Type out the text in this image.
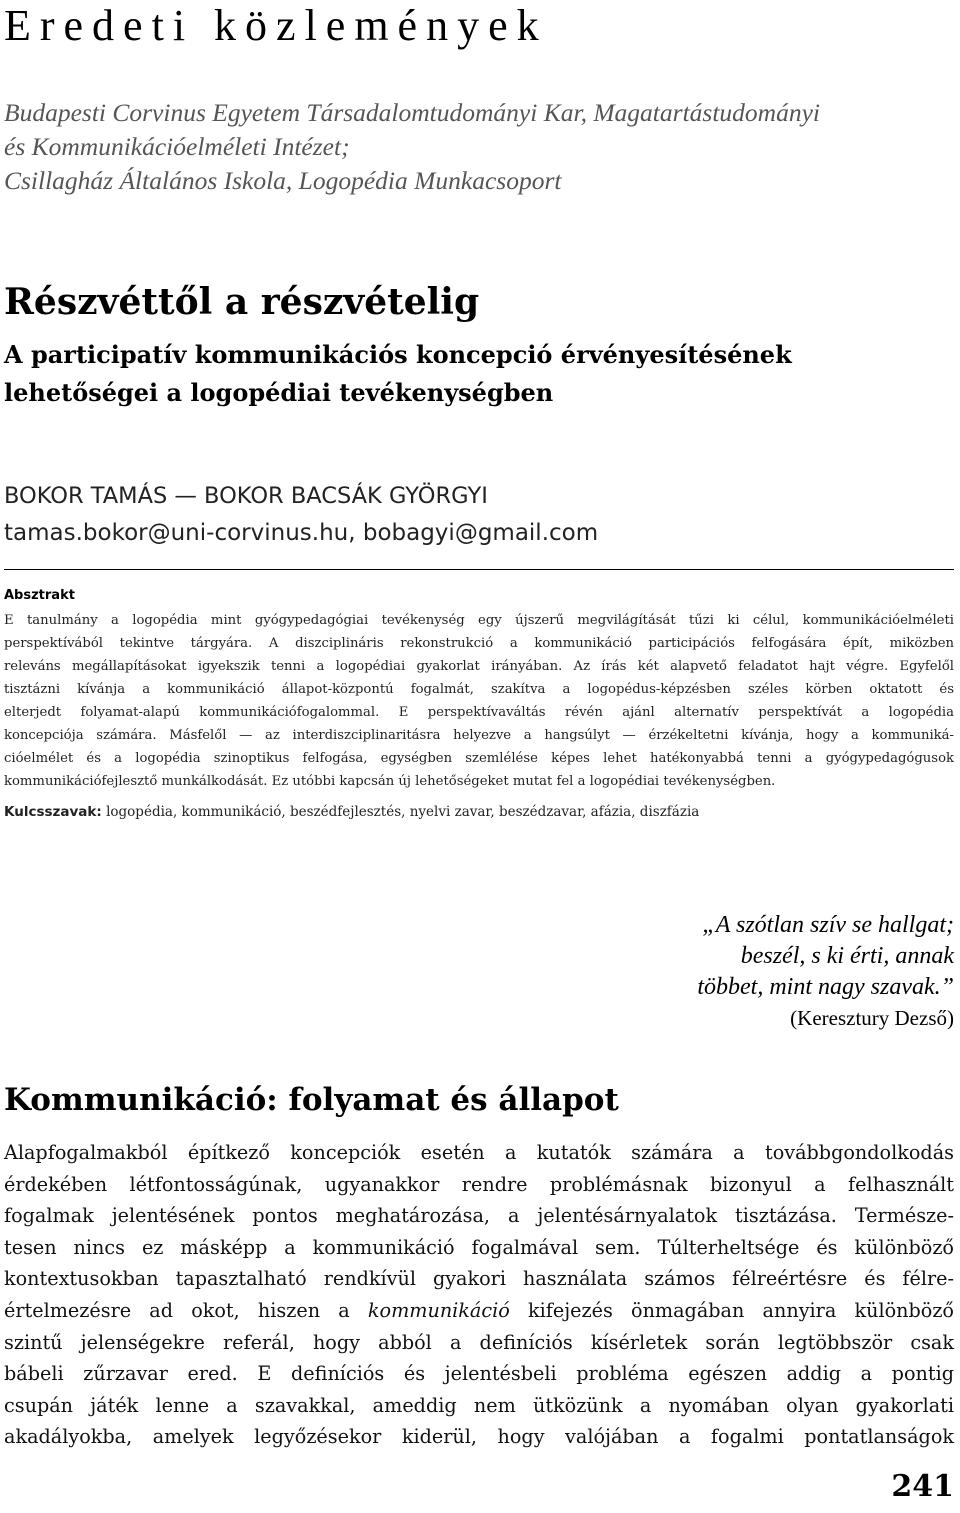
Eredeti közlemények
Budapesti Corvinus Egyetem Társadalomtudományi Kar, Magatartástudományi
és Kommunikációelméleti Intézet;
Csillagház Általános Iskola, Logopédia Munkacsoport
Részvéttől a részvételig
A participatív kommunikációs koncepció érvényesítésének
lehetőségei a logopédiai tevékenységben
BOKOR TAMÁS — BOKOR BACSÁK GYÖRGYI
tamas.bokor@uni-corvinus.hu, bobagyi@gmail.com
Absztrakt
E tanulmány a logopédia mint gyógypedagógiai tevékenység egy újszerű megvilágítását tűzi ki célul, kommunikációelméleti
perspektívából tekintve tárgyára. A diszciplináris rekonstrukció a kommunikáció participációs felfogására épít, miközben
releváns megállapításokat igyekszik tenni a logopédiai gyakorlat irányában. Az írás két alapvető feladatot hajt végre. Egyfelől
tisztázni kívánja a kommunikáció állapot-központú fogalmát, szakítva a logopédus-képzésben széles körben oktatott és
elterjedt folyamat-alapú kommunikációfogalommal. E perspektívaváltás révén ajánl alternatív perspektívát a logopédia
koncepciója számára. Másfelől — az interdiszciplinaritásra helyezve a hangsúlyt — érzékeltetni kívánja, hogy a kommuniká-
cióelmélet és a logopédia szinoptikus felfogása, egységben szemlélése képes lehet hatékonyabbá tenni a gyógypedagógusok
kommunikációfejlesztő munkálkodását. Ez utóbbi kapcsán új lehetőségeket mutat fel a logopédiai tevékenységben.
Kulcsszavak: logopédia, kommunikáció, beszédfejlesztés, nyelvi zavar, beszédzavar, afázia, diszfázia
„A szótlan szív se hallgat;
beszél, s ki érti, annak
többet, mint nagy szavak.”
(Keresztury Dezső)
Kommunikáció: folyamat és állapot
Alapfogalmakból építkező koncepciók esetén a kutatók számára a továbbgondolkodás
érdekében létfontosságúnak, ugyanakkor rendre problémásnak bizonyul a felhasznált
fogalmak jelentésének pontos meghatározása, a jelentésárnyalatok tisztázása. Természe-
tesen nincs ez másképp a kommunikáció fogalmával sem. Túlterheltsége és különböző
kontextusokban tapasztalható rendkívül gyakori használata számos félreértésre és félre-
értelmezésre ad okot, hiszen a kommunikáció kifejezés önmagában annyira különböző
szintű jelenségekre referál, hogy abból a definíciós kísérletek során legtöbbször csak
bábeli zűrzavar ered. E definíciós és jelentésbeli probléma egészen addig a pontig
csupán játék lenne a szavakkal, ameddig nem ütközünk a nyomában olyan gyakorlati
akadályokba, amelyek legyőzésekor kiderül, hogy valójában a fogalmi pontatlanságok
241
